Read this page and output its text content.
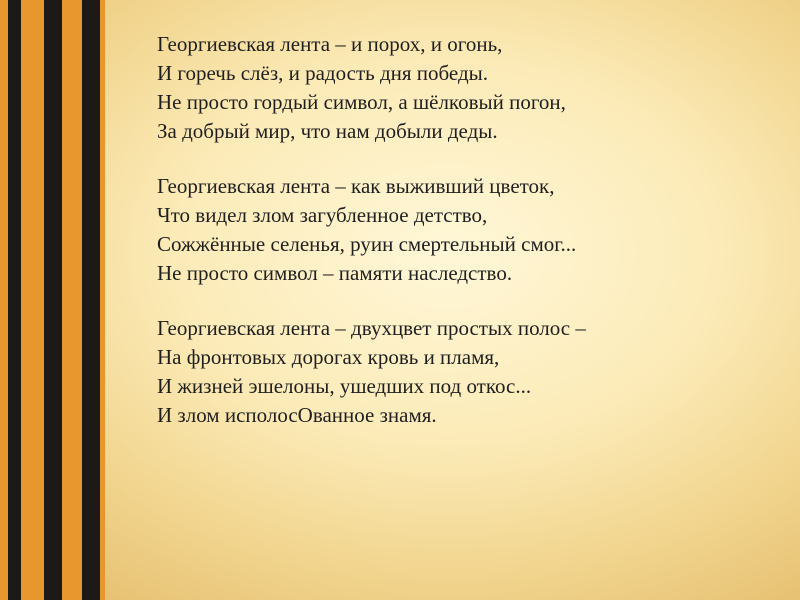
Георгиевская лента – и порох, и огонь,
И горечь слёз, и радость дня победы.
Не просто гордый символ, а шёлковый погон,
За добрый мир, что нам добыли деды.
Георгиевская лента – как выживший цветок,
Что видел злом загубленное детство,
Сожжённые селенья, руин смертельный смог...
Не просто символ – памяти наследство.
Георгиевская лента – двухцвет простых полос –
На фронтовых дорогах кровь и пламя,
И жизней эшелоны, ушедших под откос...
И злом исполосОванное знамя.
